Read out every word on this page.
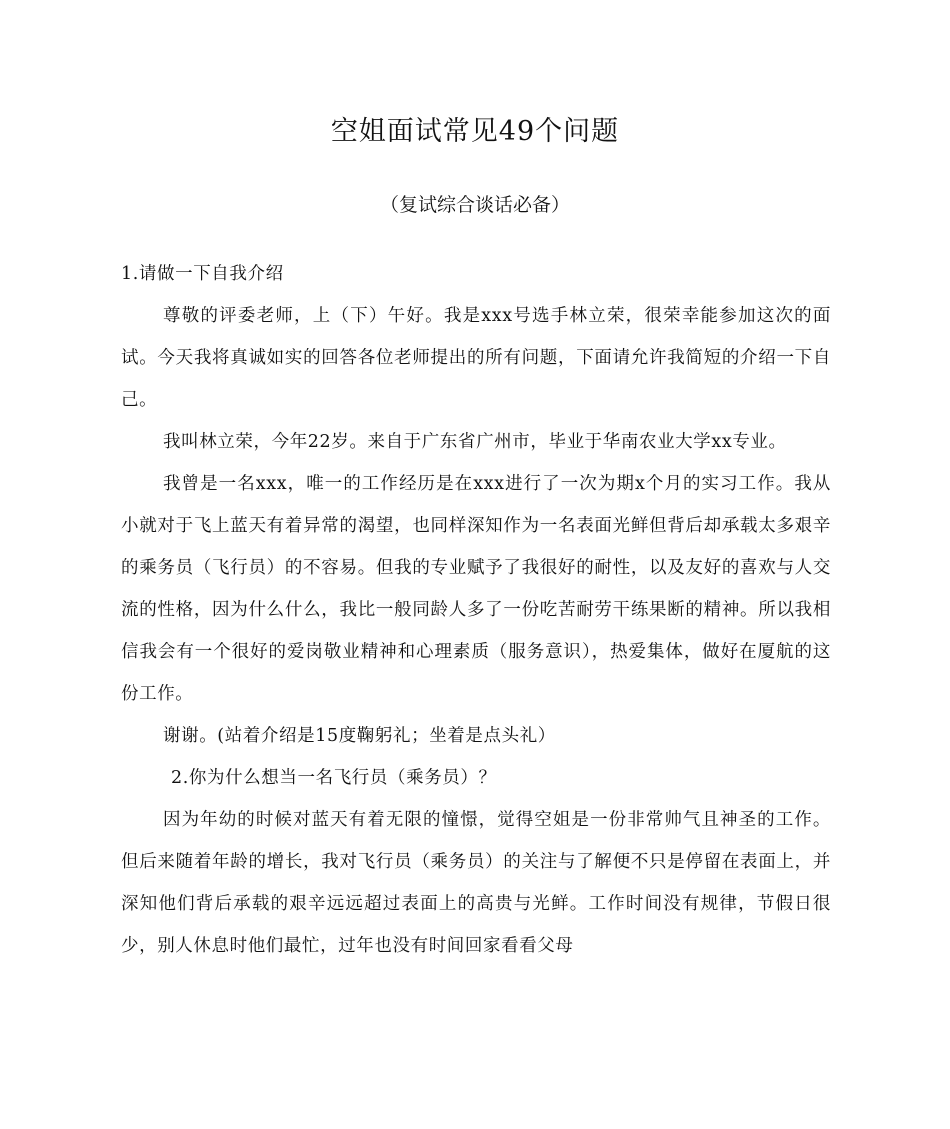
空姐面试常见49个问题
（复试综合谈话必备）

1.请做一下自我介绍

尊敬的评委老师，上（下）午好。我是xxx号选手林立荣，很荣幸能参加这次的面试。今天我将真诚如实的回答各位老师提出的所有问题，下面请允许我简短的介绍一下自己。

我叫林立荣，今年22岁。来自于广东省广州市，毕业于华南农业大学xx专业。

我曾是一名xxx，唯一的工作经历是在xxx进行了一次为期x个月的实习工作。我从小就对于飞上蓝天有着异常的渴望，也同样深知作为一名表面光鲜但背后却承载太多艰辛的乘务员（飞行员）的不容易。但我的专业赋予了我很好的耐性，以及友好的喜欢与人交流的性格，因为什么什么，我比一般同龄人多了一份吃苦耐劳干练果断的精神。所以我相信我会有一个很好的爱岗敬业精神和心理素质（服务意识），热爱集体，做好在厦航的这份工作。

谢谢。(站着介绍是15度鞠躬礼；坐着是点头礼）

2.你为什么想当一名飞行员（乘务员）？

因为年幼的时候对蓝天有着无限的憧憬，觉得空姐是一份非常帅气且神圣的工作。但后来随着年龄的增长，我对飞行员（乘务员）的关注与了解便不只是停留在表面上，并深知他们背后承载的艰辛远远超过表面上的高贵与光鲜。工作时间没有规律，节假日很少，别人休息时他们最忙，过年也没有时间回家看看父母
